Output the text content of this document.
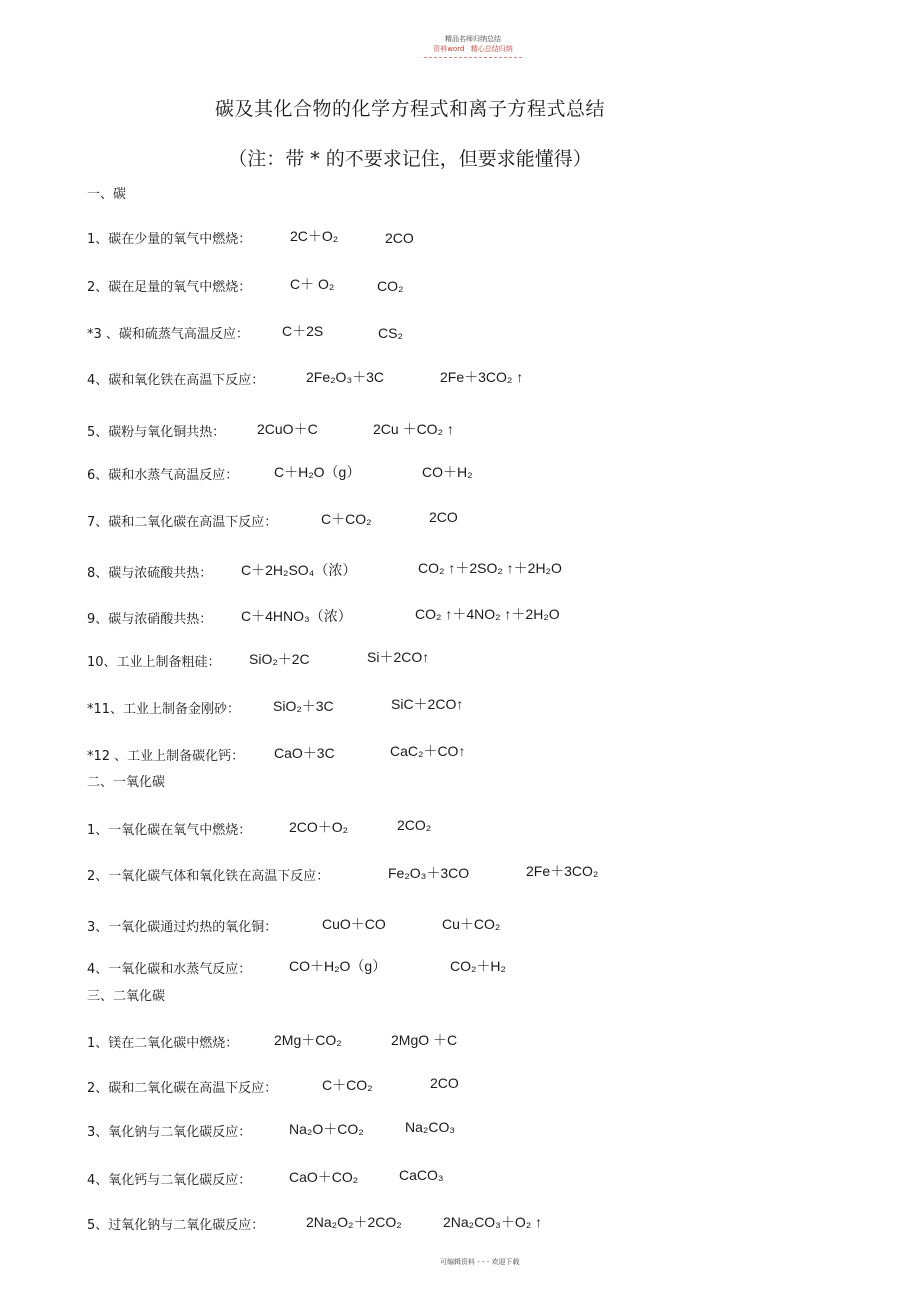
精品名师归纳总结
资料word 精心总结归纳
碳及其化合物的化学方程式和离子方程式总结
（注：带 * 的不要求记住，但要求能懂得）
一、碳
二、一氧化碳
三、二氧化碳
1、碳在少量的氧气中燃烧：	2C＋O₂	2CO
2、碳在足量的氧气中燃烧：	C＋ O₂	CO₂
*3 、碳和硫蒸气高温反应： C＋2S	CS₂
4、碳和氧化铁在高温下反应：	2Fe₂O₃＋3C	2Fe＋3CO₂ ↑
5、碳粉与氧化铜共热： 2CuO＋C	2Cu ＋CO₂ ↑
6、碳和水蒸气高温反应：	C＋H₂O（g）	CO＋H₂
7、碳和二氧化碳在高温下反应：	C＋CO₂	2CO
8、碳与浓硫酸共热： C＋2H₂SO₄（浓）	CO₂ ↑＋2SO₂ ↑＋2H₂O
9、碳与浓硝酸共热： C＋4HNO₃（浓）	CO₂ ↑＋4NO₂ ↑＋2H₂O
10、工业上制备粗硅： SiO₂＋2C	Si＋2CO↑
*11、工业上制备金刚砂： SiO₂＋3C	SiC＋2CO↑
*12 、工业上制备碳化钙： CaO＋3C	CaC₂＋CO↑
1、一氧化碳在氧气中燃烧：	2CO＋O₂	2CO₂
2、一氧化碳气体和氧化铁在高温下反应：	Fe₂O₃＋3CO	2Fe＋3CO₂
3、一氧化碳通过灼热的氧化铜：	CuO＋CO	Cu＋CO₂
4、一氧化碳和水蒸气反应：	CO＋H₂O（g）	CO₂＋H₂
1、镁在二氧化碳中燃烧：	2Mg＋CO₂	2MgO ＋C
2、碳和二氧化碳在高温下反应：	C＋CO₂	2CO
3、氧化钠与二氧化碳反应：	Na₂O＋CO₂	Na₂CO₃
4、氧化钙与二氧化碳反应：	CaO＋CO₂	CaCO₃
5、过氧化钠与二氧化碳反应：	2Na₂O₂＋2CO₂	2Na₂CO₃＋O₂ ↑
可编辑资料 - - - 欢迎下载
